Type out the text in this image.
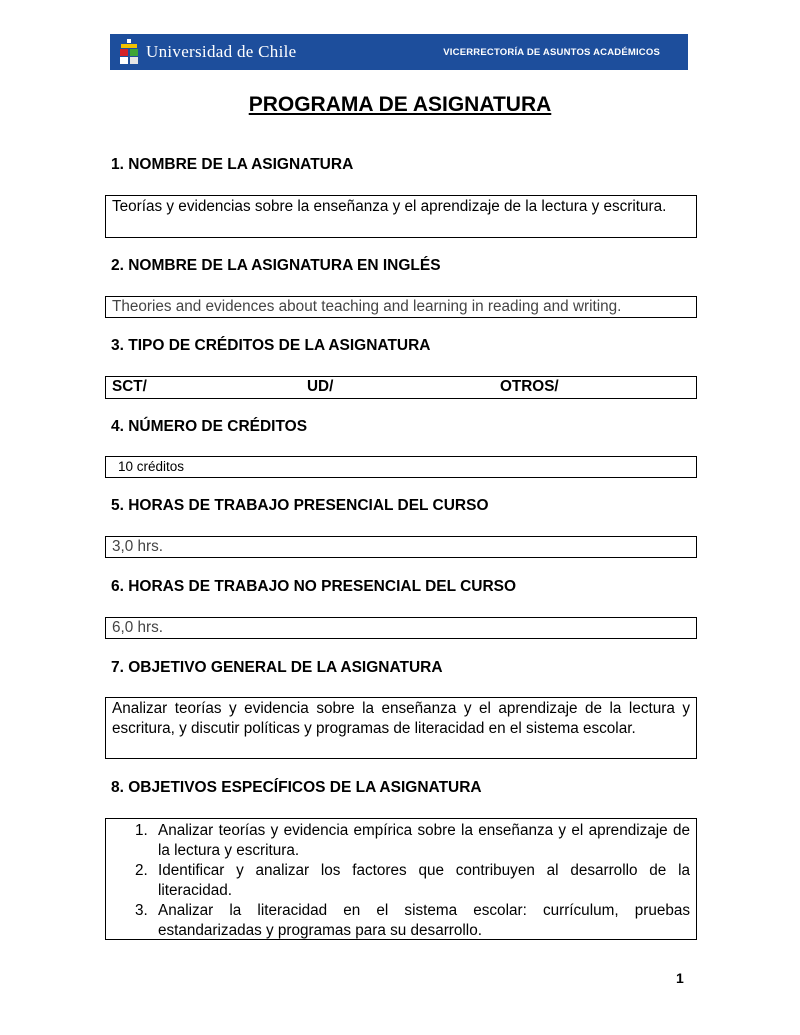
Universidad de Chile	VICERRECTORÍA DE ASUNTOS ACADÉMICOS
PROGRAMA DE ASIGNATURA
1. NOMBRE DE LA ASIGNATURA
Teorías y evidencias sobre la enseñanza y el aprendizaje de la lectura y escritura.
2. NOMBRE DE LA ASIGNATURA EN INGLÉS
Theories and evidences about teaching and learning in reading and writing.
3. TIPO DE CRÉDITOS DE LA ASIGNATURA
SCT/	UD/	OTROS/
4. NÚMERO DE CRÉDITOS
10 créditos
5. HORAS DE TRABAJO PRESENCIAL DEL CURSO
3,0 hrs.
6. HORAS DE TRABAJO NO PRESENCIAL DEL CURSO
6,0 hrs.
7. OBJETIVO GENERAL DE LA ASIGNATURA
Analizar teorías y evidencia sobre la enseñanza y el aprendizaje de la lectura y escritura, y discutir políticas y programas de literacidad en el sistema escolar.
8. OBJETIVOS ESPECÍFICOS DE LA ASIGNATURA
Analizar teorías y evidencia empírica sobre la enseñanza y el aprendizaje de la lectura y escritura.
Identificar y analizar los factores que contribuyen al desarrollo de la literacidad.
Analizar la literacidad en el sistema escolar: currículum, pruebas estandarizadas y programas para su desarrollo.
1
